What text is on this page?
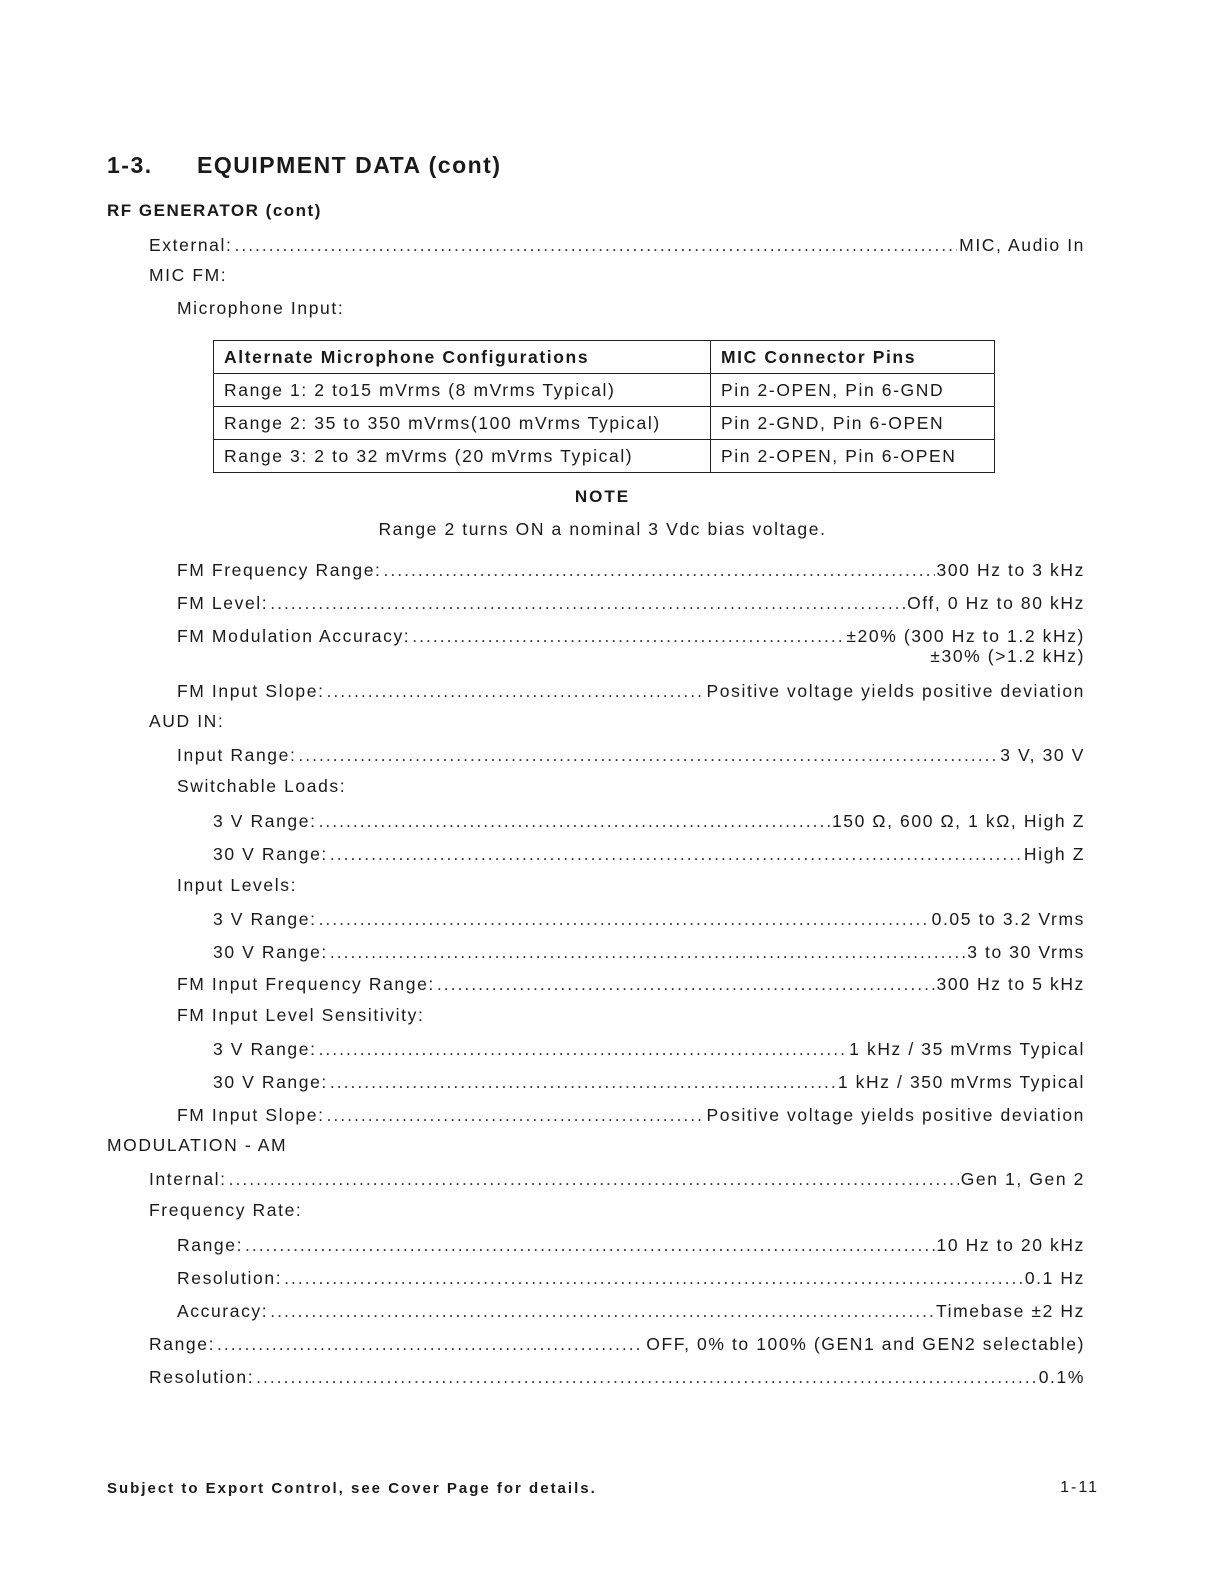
1-3. EQUIPMENT DATA (cont)
RF GENERATOR (cont)
External: .....	MIC, Audio In
MIC FM:
Microphone Input:
Alternate Microphone Configurations	MIC Connector Pins
Range 1: 2 to15 mVrms (8 mVrms Typical)	Pin 2-OPEN, Pin 6-GND
Range 2: 35 to 350 mVrms(100 mVrms Typical)	Pin 2-GND, Pin 6-OPEN
Range 3: 2 to 32 mVrms (20 mVrms Typical)	Pin 2-OPEN, Pin 6-OPEN
NOTE
Range 2 turns ON a nominal 3 Vdc bias voltage.
FM Frequency Range: .....	300 Hz to 3 kHz
FM Level: .....	Off, 0 Hz to 80 kHz
FM Modulation Accuracy: .....	±20% (300 Hz to 1.2 kHz)
±30% (>1.2 kHz)
FM Input Slope: .....	Positive voltage yields positive deviation
AUD IN:
Input Range: .....	3 V, 30 V
Switchable Loads:
3 V Range: .....	150 Ω, 600 Ω, 1 kΩ, High Z
30 V Range: .....	High Z
Input Levels:
3 V Range: .....	0.05 to 3.2 Vrms
30 V Range: .....	3 to 30 Vrms
FM Input Frequency Range: .....	300 Hz to 5 kHz
FM Input Level Sensitivity:
3 V Range: .....	1 kHz / 35 mVrms Typical
30 V Range: .....	1 kHz / 350 mVrms Typical
FM Input Slope: .....	Positive voltage yields positive deviation
MODULATION - AM
Internal: .....	Gen 1, Gen 2
Frequency Rate:
Range: .....	10 Hz to 20 kHz
Resolution: .....	0.1 Hz
Accuracy: .....	Timebase ±2 Hz
Range: .....	OFF, 0% to 100% (GEN1 and GEN2 selectable)
Resolution: .....	0.1%
Subject to Export Control, see Cover Page for details.	1-11
